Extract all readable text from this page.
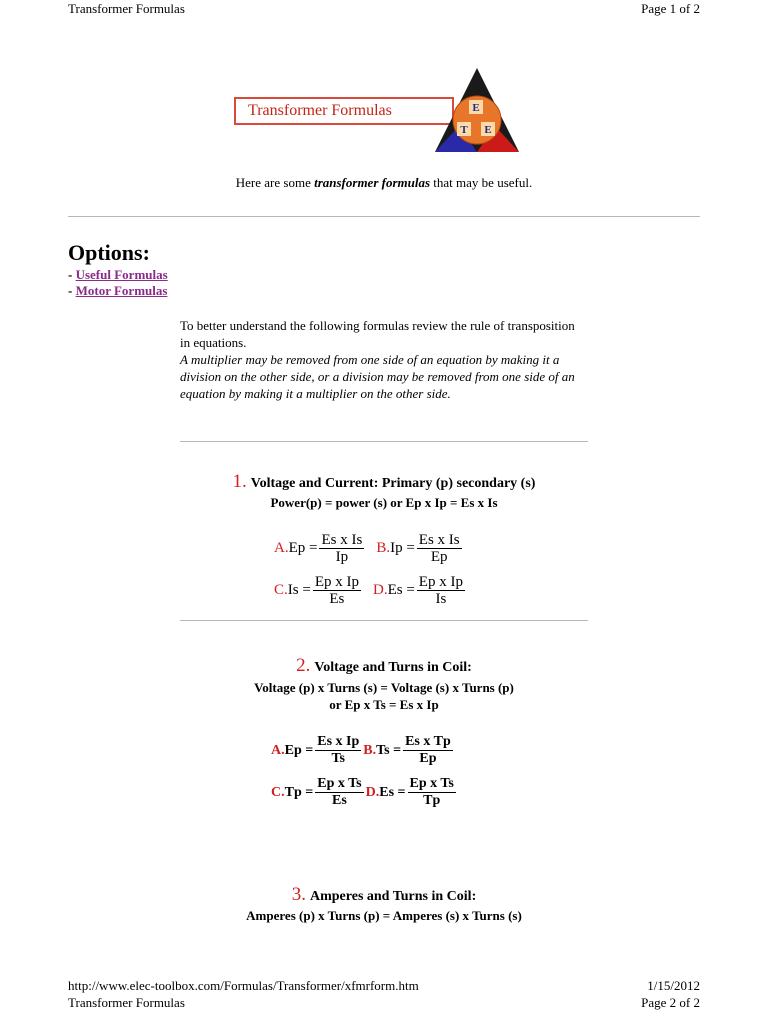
Transformer Formulas	Page 1 of 2
Transformer Formulas	E
T E
Here are some transformer formulas that may be useful.
Options:
- Useful Formulas
- Motor Formulas
To better understand the following formulas review the rule of transposition in equations.
A multiplier may be removed from one side of an equation by making it a division on the other side, or a division may be removed from one side of an equation by making it a multiplier on the other side.
1. Voltage and Current: Primary (p) secondary (s)
Power(p) = power (s) or Ep x Ip = Es x Is
A. $Ep = \frac{\text{Es x Is}}{Ip} B$. $Ip = \frac{\text{Es x Is}}{Ep}$
C. $Is = \frac{\text{Ep x Ip}}{Es} D$. $Es = \frac{\text{Ep x Ip}}{Is}$
2. Voltage and Turns in Coil:
Voltage (p) x Turns (s) = Voltage (s) x Turns (p)
or Ep x Ts = Es x Ip
A. $Ep = \frac{\text{Es x Ip}}{Ts} B$. $Ts = \frac{\text{Es x Tp}}{Ep}$
C. $Tp = \frac{\text{Ep x Ts}}{Es} D$. $Es = \frac{\text{Ep x Ts}}{Tp}$
3. Amperes and Turns in Coil:
Amperes (p) x Turns (p) = Amperes (s) x Turns (s)
http://www.elec-toolbox.com/Formulas/Transformer/xfmrform.htm	1/15/2012
Transformer Formulas	Page 2 of 2
